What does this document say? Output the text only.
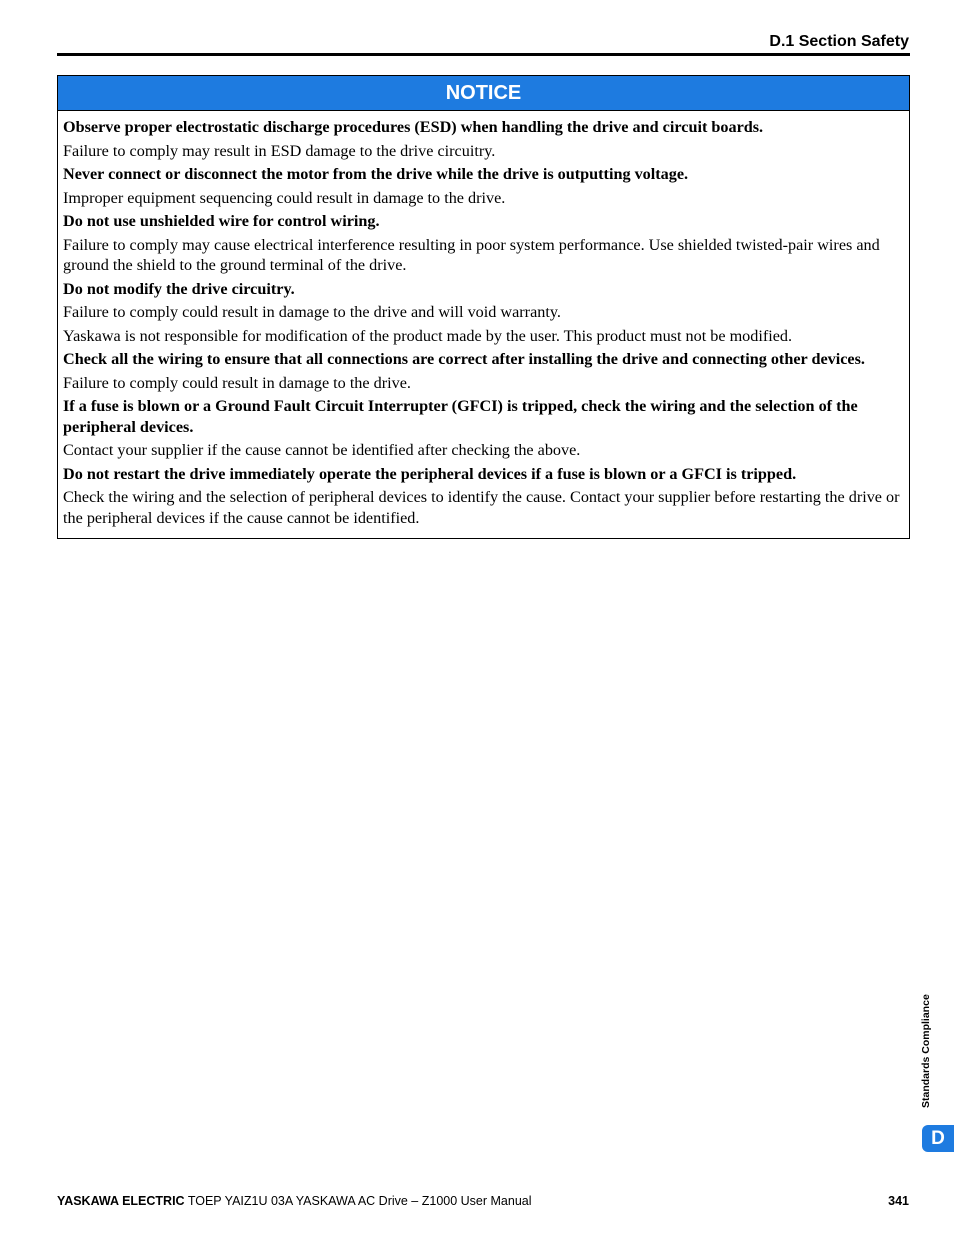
D.1 Section Safety
NOTICE

Observe proper electrostatic discharge procedures (ESD) when handling the drive and circuit boards.

Failure to comply may result in ESD damage to the drive circuitry.

Never connect or disconnect the motor from the drive while the drive is outputting voltage.

Improper equipment sequencing could result in damage to the drive.

Do not use unshielded wire for control wiring.

Failure to comply may cause electrical interference resulting in poor system performance. Use shielded twisted-pair wires and ground the shield to the ground terminal of the drive.

Do not modify the drive circuitry.

Failure to comply could result in damage to the drive and will void warranty.

Yaskawa is not responsible for modification of the product made by the user. This product must not be modified.

Check all the wiring to ensure that all connections are correct after installing the drive and connecting other devices.

Failure to comply could result in damage to the drive.

If a fuse is blown or a Ground Fault Circuit Interrupter (GFCI) is tripped, check the wiring and the selection of the peripheral devices.

Contact your supplier if the cause cannot be identified after checking the above.

Do not restart the drive immediately operate the peripheral devices if a fuse is blown or a GFCI is tripped.

Check the wiring and the selection of peripheral devices to identify the cause. Contact your supplier before restarting the drive or the peripheral devices if the cause cannot be identified.

Standards Compliance
D
YASKAWA ELECTRIC TOEP YAIZ1U 03A YASKAWA AC Drive – Z1000 User Manual	341
